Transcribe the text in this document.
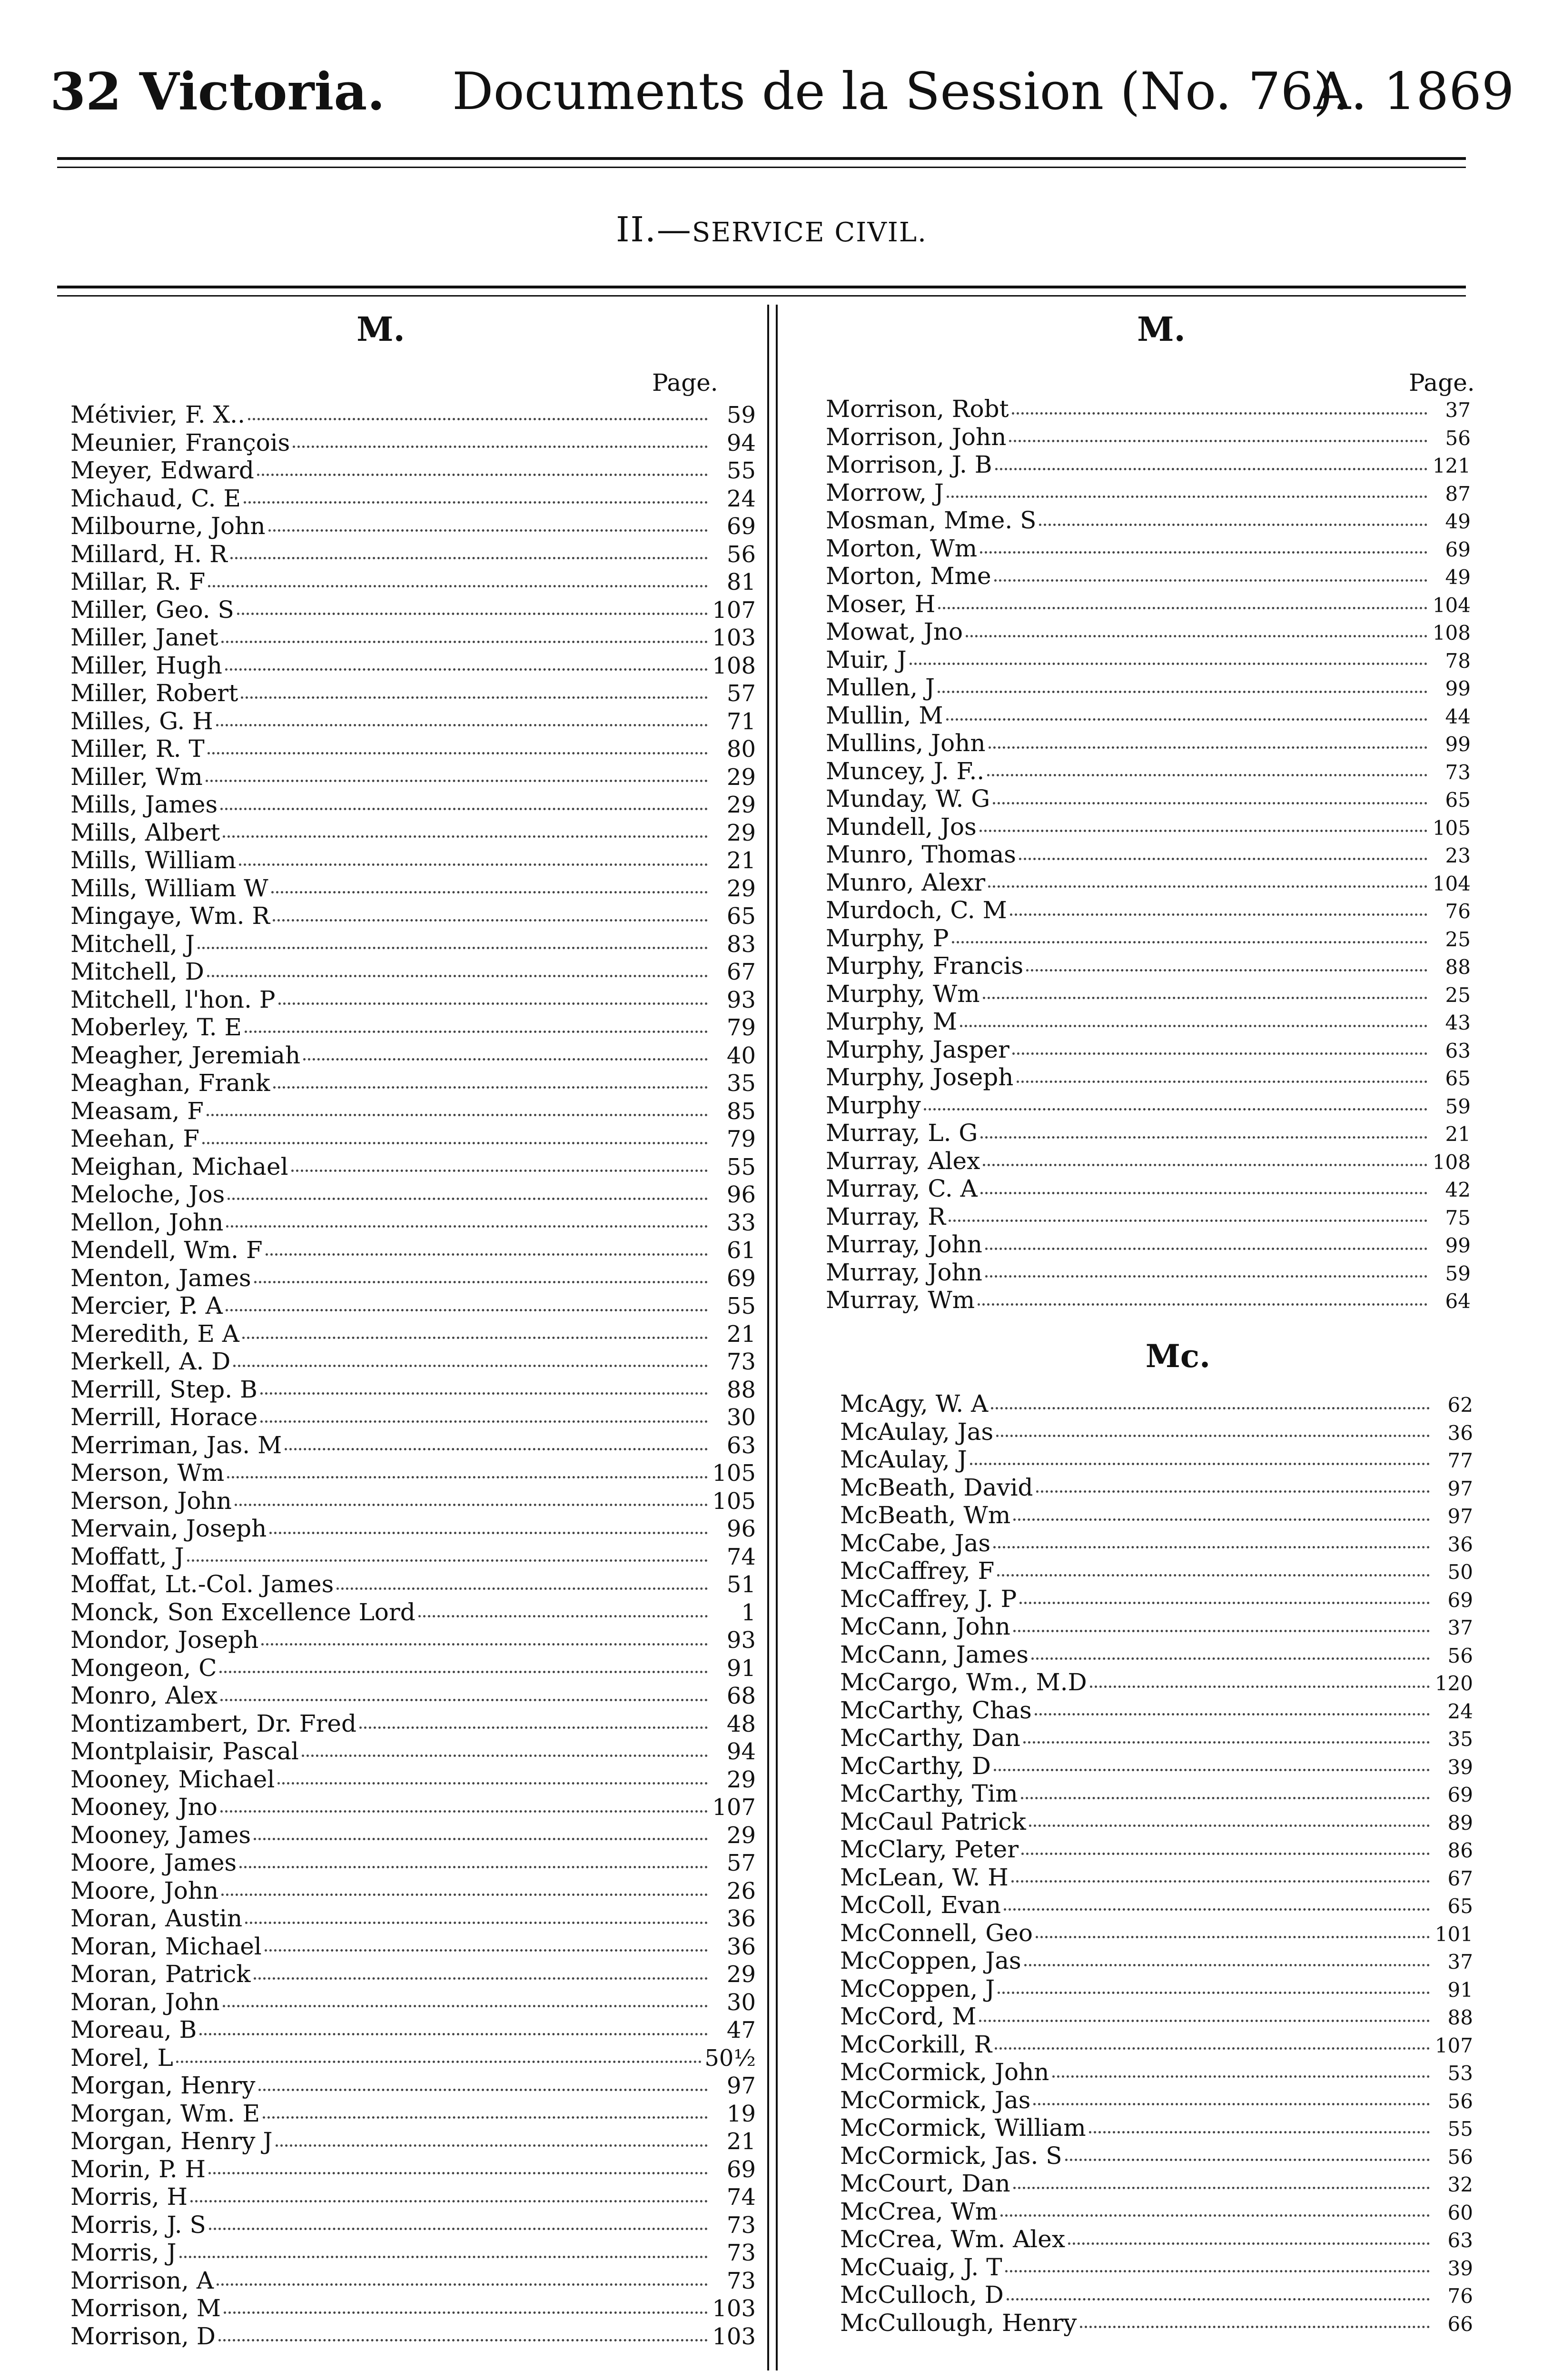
32 Victoria. Documents de la Session (No. 76).
A. 1869
II.—SERVICE CIVIL.
M.
Page.
Métivier, F. X..	59
Meunier, François	94
Meyer, Edward	55
Michaud, C. E	24
Milbourne, John	69
Millard, H. R	56
Millar, R. F	81
Miller, Geo. S	107
Miller, Janet	103
Miller, Hugh	108
Miller, Robert	57
Milles, G. H	71
Miller, R. T	80
Miller, Wm	29
Mills, James	29
Mills, Albert	29
Mills, William	21
Mills, William W	29
Mingaye, Wm. R	65
Mitchell, J	83
Mitchell, D	67
Mitchell, l'hon. P	93
Moberley, T. E	79
Meagher, Jeremiah	40
Meaghan, Frank	35
Measam, F	85
Meehan, F	79
Meighan, Michael	55
Meloche, Jos	96
Mellon, John	33
Mendell, Wm. F	61
Menton, James	69
Mercier, P. A	55
Meredith, E A	21
Merkell, A. D	73
Merrill, Step. B	88
Merrill, Horace	30
Merriman, Jas. M	63
Merson, Wm	105
Merson, John	105
Mervain, Joseph	96
Moffatt, J	74
Moffat, Lt.-Col. James	51
Monck, Son Excellence Lord	1
Mondor, Joseph	93
Mongeon, C	91
Monro, Alex	68
Montizambert, Dr. Fred	48
Montplaisir, Pascal	94
Mooney, Michael	29
Mooney, Jno	107
Mooney, James	29
Moore, James	57
Moore, John	26
Moran, Austin	36
Moran, Michael	36
Moran, Patrick	29
Moran, John	30
Moreau, B	47
Morel, L	50½
Morgan, Henry	97
Morgan, Wm. E	19
Morgan, Henry J	21
Morin, P. H	69
Morris, H	74
Morris, J. S	73
Morris, J	73
Morrison, A	73
Morrison, M	103
Morrison, D	103
M.
Page.
Morrison, Robt	37
Morrison, John	56
Morrison, J. B	121
Morrow, J	87
Mosman, Mme. S	49
Morton, Wm	69
Morton, Mme	49
Moser, H	104
Mowat, Jno	108
Muir, J	78
Mullen, J	99
Mullin, M	44
Mullins, John	99
Muncey, J. F..	73
Munday, W. G	65
Mundell, Jos	105
Munro, Thomas	23
Munro, Alexr	104
Murdoch, C. M	76
Murphy, P	25
Murphy, Francis	88
Murphy, Wm	25
Murphy, M	43
Murphy, Jasper	63
Murphy, Joseph	65
Murphy	59
Murray, L. G	21
Murray, Alex	108
Murray, C. A	42
Murray, R	75
Murray, John	99
Murray, John	59
Murray, Wm	64
Mc.
McAgy, W. A	62
McAulay, Jas	36
McAulay, J	77
McBeath, David	97
McBeath, Wm	97
McCabe, Jas	36
McCaffrey, F	50
McCaffrey, J. P	69
McCann, John	37
McCann, James	56
McCargo, Wm., M.D	120
McCarthy, Chas	24
McCarthy, Dan	35
McCarthy, D	39
McCarthy, Tim	69
McCaul Patrick	89
McClary, Peter	86
McLean, W. H	67
McColl, Evan	65
McConnell, Geo	101
McCoppen, Jas	37
McCoppen, J	91
McCord, M	88
McCorkill, R	107
McCormick, John	53
McCormick, Jas	56
McCormick, William	55
McCormick, Jas. S	56
McCourt, Dan	32
McCrea, Wm	60
McCrea, Wm. Alex	63
McCuaig, J. T	39
McCulloch, D	76
McCullough, Henry	66
